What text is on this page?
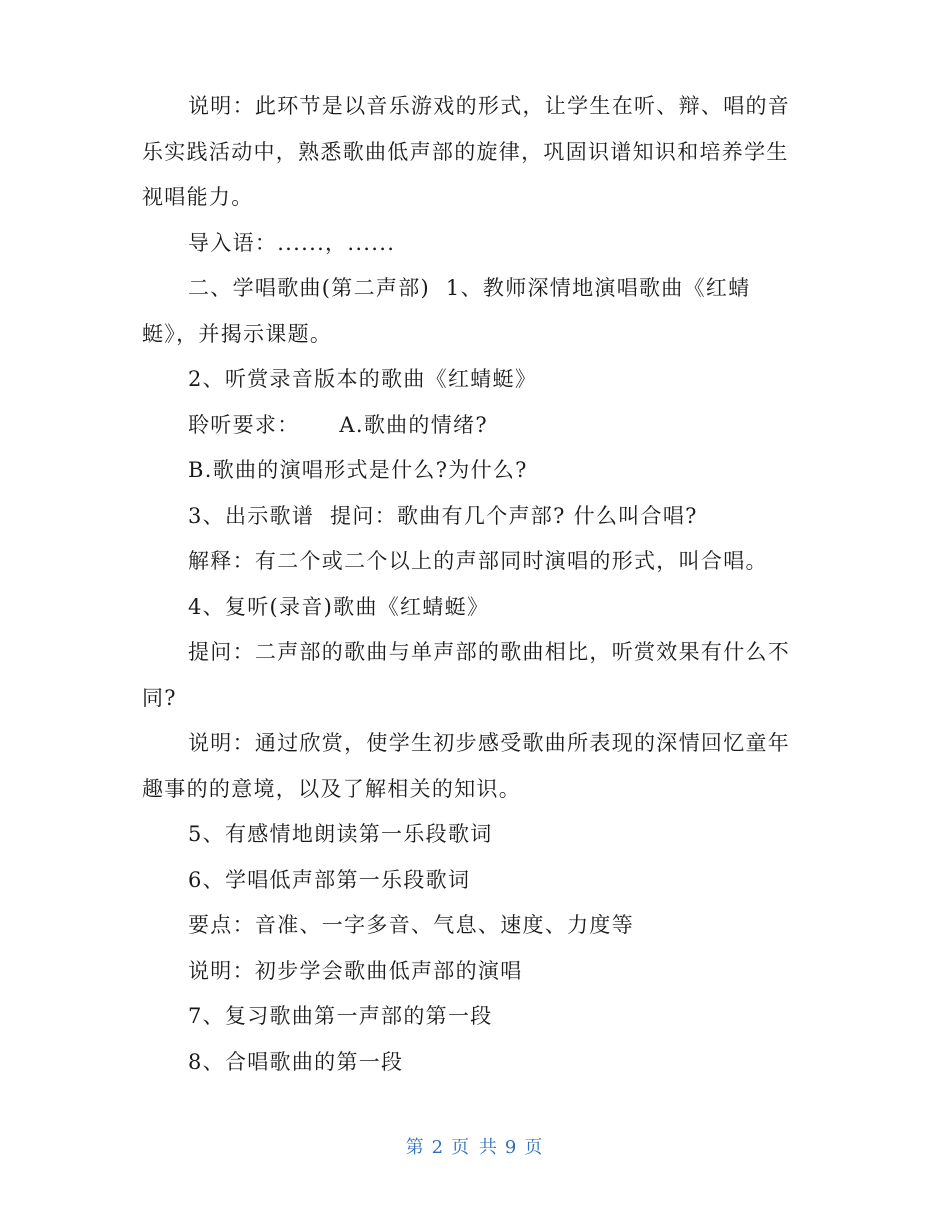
说明：此环节是以音乐游戏的形式，让学生在听、辩、唱的音乐实践活动中，熟悉歌曲低声部的旋律，巩固识谱知识和培养学生视唱能力。

导入语：......，......

二、学唱歌曲(第二声部)  1、教师深情地演唱歌曲《红蜻蜓》，并揭示课题。

2、听赏录音版本的歌曲《红蜻蜓》

聆听要求：     A.歌曲的情绪?

B.歌曲的演唱形式是什么?为什么?

3、出示歌谱  提问：歌曲有几个声部? 什么叫合唱?

解释：有二个或二个以上的声部同时演唱的形式，叫合唱。

4、复听(录音)歌曲《红蜻蜓》

提问：二声部的歌曲与单声部的歌曲相比，听赏效果有什么不同?

说明：通过欣赏，使学生初步感受歌曲所表现的深情回忆童年趣事的的意境，以及了解相关的知识。

5、有感情地朗读第一乐段歌词

6、学唱低声部第一乐段歌词

要点：音准、一字多音、气息、速度、力度等

说明：初步学会歌曲低声部的演唱

7、复习歌曲第一声部的第一段

8、合唱歌曲的第一段

第 2 页 共 9 页
